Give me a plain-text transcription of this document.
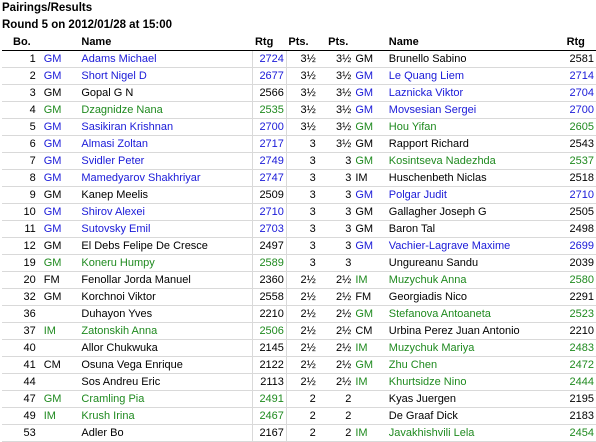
Pairings/Results
Round 5 on 2012/01/28 at 15:00
Bo.		Name	Rtg	Pts.		Pts.		Name	Rtg
1	GM	Adams Michael	2724	3½		3½	GM	Brunello Sabino	2581
2	GM	Short Nigel D	2677	3½		3½	GM	Le Quang Liem	2714
3	GM	Gopal G N	2566	3½		3½	GM	Laznicka Viktor	2704
4	GM	Dzagnidze Nana	2535	3½		3½	GM	Movsesian Sergei	2700
5	GM	Sasikiran Krishnan	2700	3½		3½	GM	Hou Yifan	2605
6	GM	Almasi Zoltan	2717	3		3½	GM	Rapport Richard	2543
7	GM	Svidler Peter	2749	3		3	GM	Kosintseva Nadezhda	2537
8	GM	Mamedyarov Shakhriyar	2747	3		3	IM	Huschenbeth Niclas	2518
9	GM	Kanep Meelis	2509	3		3	GM	Polgar Judit	2710
10	GM	Shirov Alexei	2710	3		3	GM	Gallagher Joseph G	2505
11	GM	Sutovsky Emil	2703	3		3	GM	Baron Tal	2498
12	GM	El Debs Felipe De Cresce	2497	3		3	GM	Vachier-Lagrave Maxime	2699
19	GM	Koneru Humpy	2589	3		3		Ungureanu Sandu	2039
20	FM	Fenollar Jorda Manuel	2360	2½		2½	IM	Muzychuk Anna	2580
32	GM	Korchnoi Viktor	2558	2½		2½	FM	Georgiadis Nico	2291
36		Duhayon Yves	2210	2½		2½	GM	Stefanova Antoaneta	2523
37	IM	Zatonskih Anna	2506	2½		2½	CM	Urbina Perez Juan Antonio	2210
40		Allor Chukwuka	2145	2½		2½	IM	Muzychuk Mariya	2483
41	CM	Osuna Vega Enrique	2122	2½		2½	GM	Zhu Chen	2472
44		Sos Andreu Eric	2113	2½		2½	IM	Khurtsidze Nino	2444
47	GM	Cramling Pia	2491	2		2		Kyas Juergen	2195
49	IM	Krush Irina	2467	2		2		De Graaf Dick	2183
53		Adler Bo	2167	2		2	IM	Javakhishvili Lela	2454
